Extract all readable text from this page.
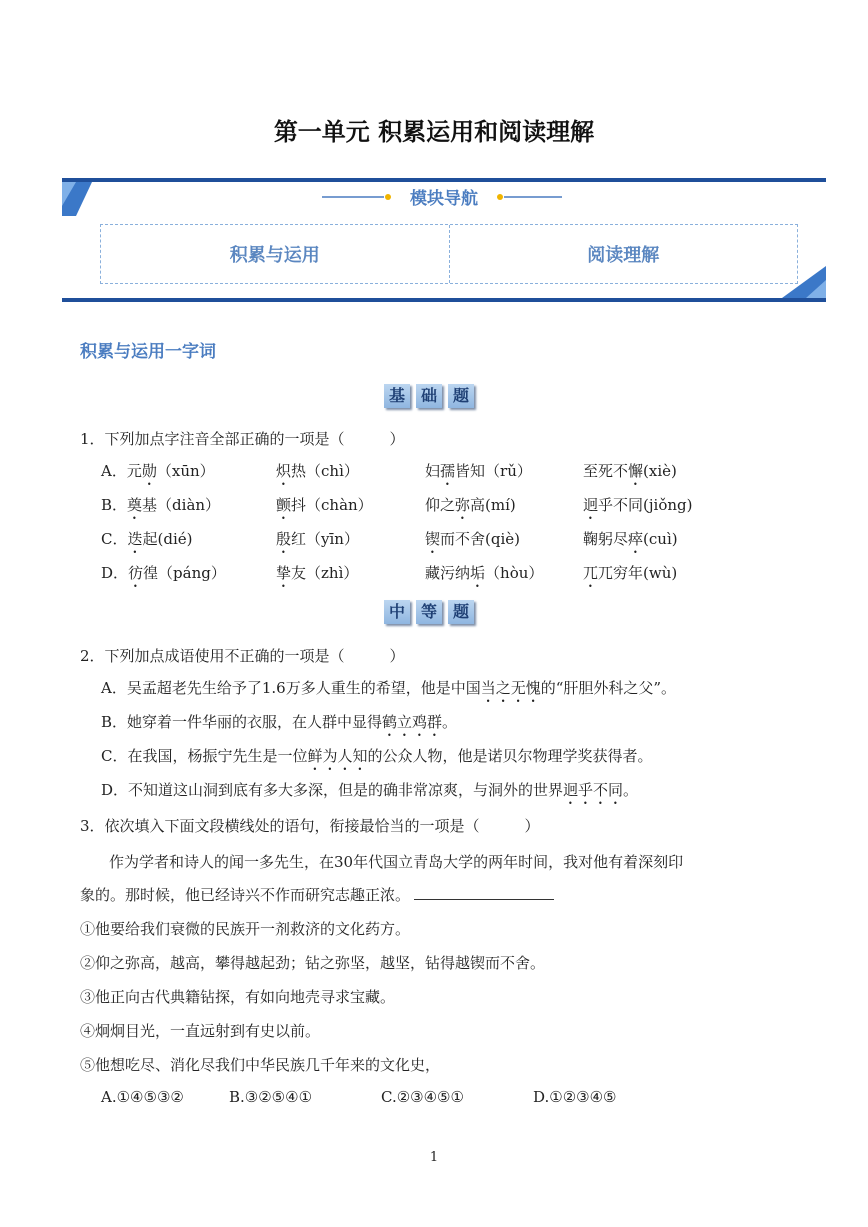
第一单元 积累运用和阅读理解
模块导航
积累与运用	阅读理解
积累与运用一字词
基 础 题
1．下列加点字注音全部正确的一项是（　　　）
A．元勋（xūn）	炽热（chì）	妇孺皆知（rǔ）	至死不懈(xiè)
B．奠基（diàn）	颤抖（chàn）	仰之弥高(mí)	迥乎不同(jiǒng)
C．迭起(dié)	殷红（yīn）	锲而不舍(qiè)	鞠躬尽瘁(cuì)
D．彷徨（páng）	挚友（zhì）	藏污纳垢（hòu）	兀兀穷年(wù)
中 等 题
2．下列加点成语使用不正确的一项是（　　　）
A．吴孟超老先生给予了1.6万多人重生的希望，他是中国当之无愧的“肝胆外科之父”。
B．她穿着一件华丽的衣服，在人群中显得鹤立鸡群。
C．在我国，杨振宁先生是一位鲜为人知的公众人物，他是诺贝尔物理学奖获得者。
D．不知道这山洞到底有多大多深，但是的确非常凉爽，与洞外的世界迥乎不同。
3．依次填入下面文段横线处的语句，衔接最恰当的一项是（　　　）
作为学者和诗人的闻一多先生，在30年代国立青岛大学的两年时间，我对他有着深刻印
象的。那时候，他已经诗兴不作而研究志趣正浓。
①他要给我们衰微的民族开一剂救济的文化药方。
②仰之弥高，越高，攀得越起劲；钻之弥坚，越坚，钻得越锲而不舍。
③他正向古代典籍钻探，有如向地壳寻求宝藏。
④炯炯目光，一直远射到有史以前。
⑤他想吃尽、消化尽我们中华民族几千年来的文化史，
A.①④⑤③②	B.③②⑤④①	C.②③④⑤①	D.①②③④⑤
1
